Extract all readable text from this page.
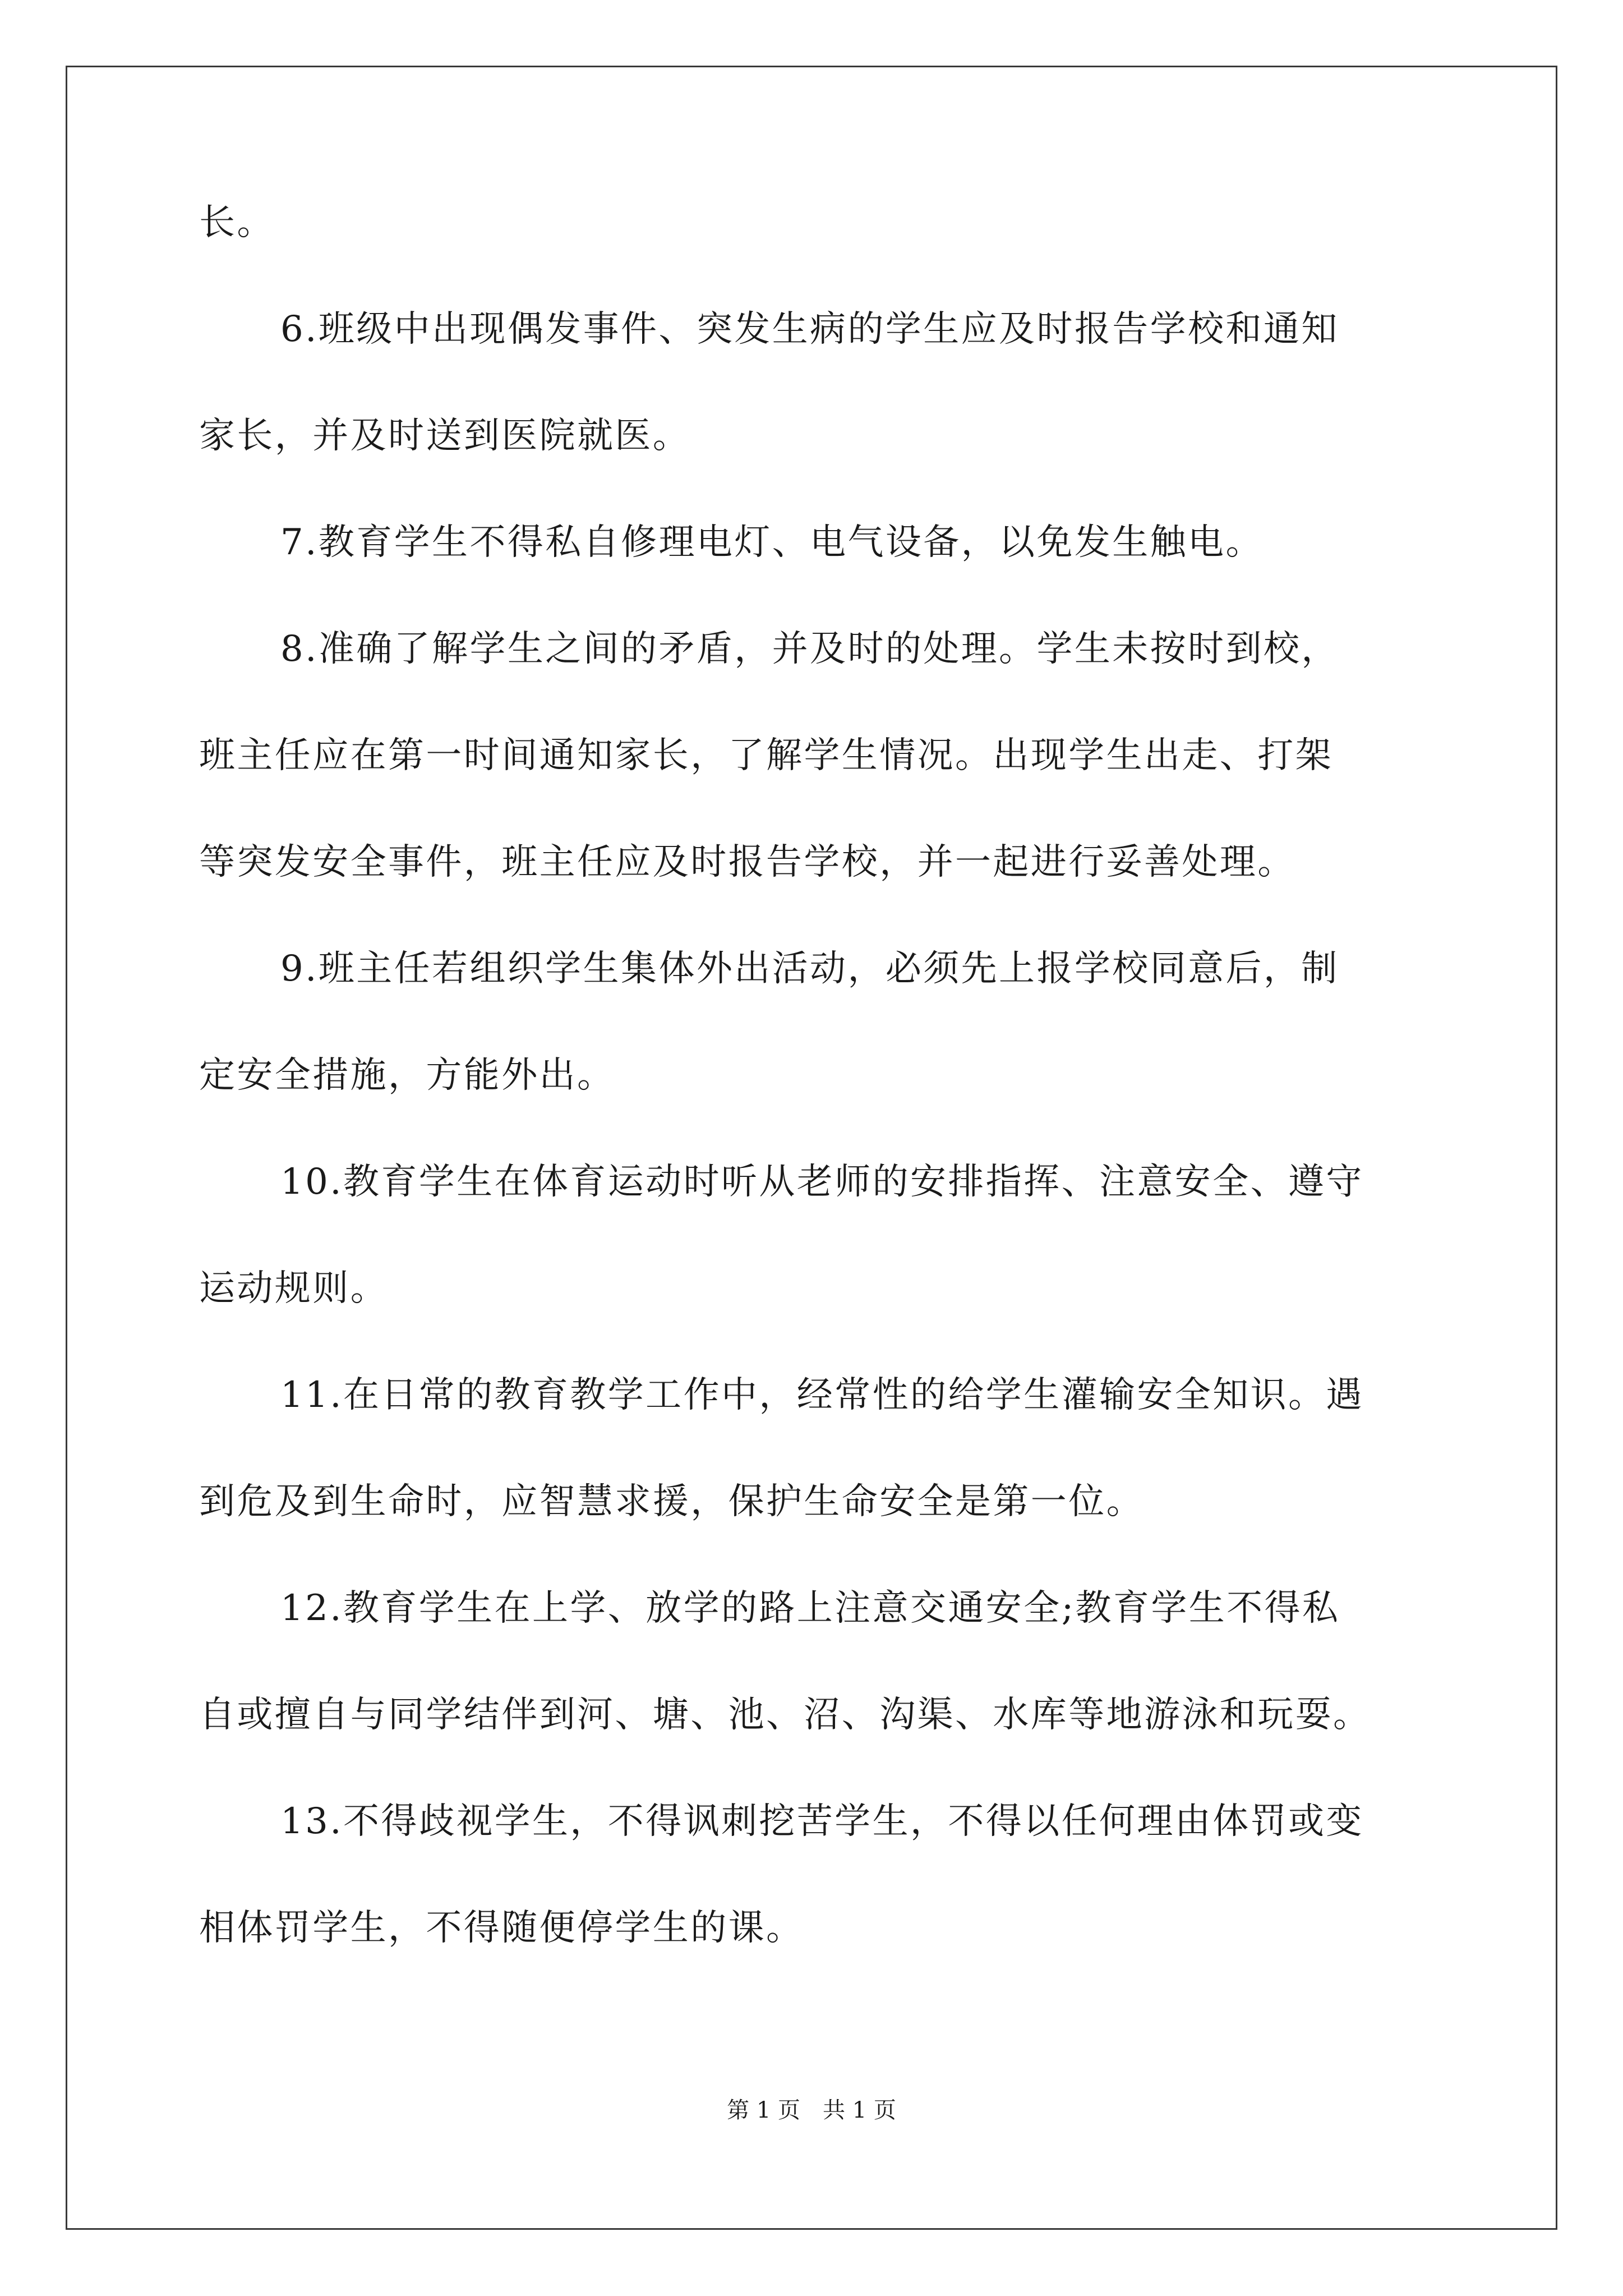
长。
6.班级中出现偶发事件、突发生病的学生应及时报告学校和通知
家长，并及时送到医院就医。
7.教育学生不得私自修理电灯、电气设备，以免发生触电。
8.准确了解学生之间的矛盾，并及时的处理。学生未按时到校，
班主任应在第一时间通知家长，了解学生情况。出现学生出走、打架
等突发安全事件，班主任应及时报告学校，并一起进行妥善处理。
9.班主任若组织学生集体外出活动，必须先上报学校同意后，制
定安全措施，方能外出。
10.教育学生在体育运动时听从老师的安排指挥、注意安全、遵守
运动规则。
11.在日常的教育教学工作中，经常性的给学生灌输安全知识。遇
到危及到生命时，应智慧求援，保护生命安全是第一位。
12.教育学生在上学、放学的路上注意交通安全;教育学生不得私
自或擅自与同学结伴到河、塘、池、沼、沟渠、水库等地游泳和玩耍。
13.不得歧视学生，不得讽刺挖苦学生，不得以任何理由体罚或变
相体罚学生，不得随便停学生的课。
第 1 页　共 1 页
